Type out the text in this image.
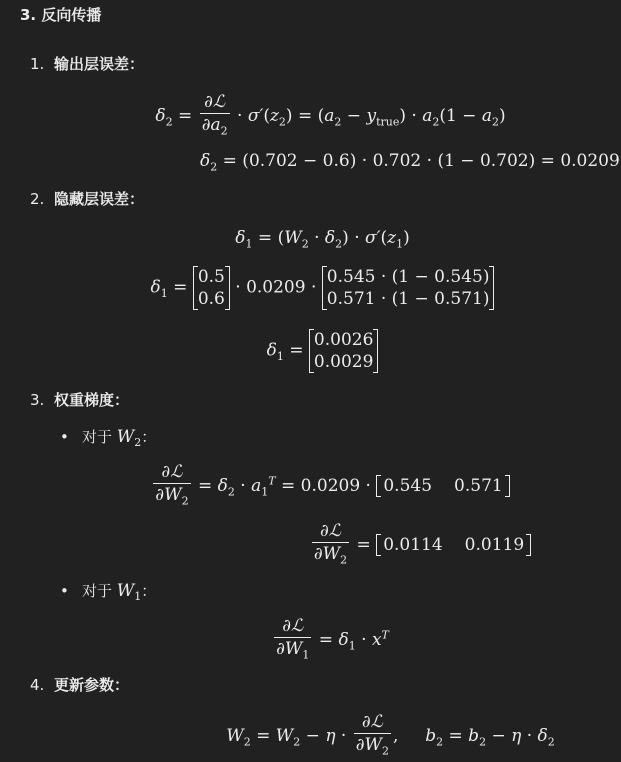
3. 反向传播
1. 输出层误差：
$\delta_2 = \frac{\text{∂ℒ}}{\partial a_2} \cdot \sigma'(z_2) = (a_2 - y_{true}) \cdot a_2(1 - a_2)$
$\delta_2 = (0.702 - 0.6) \cdot 0.702 \cdot (1 - 0.702) = 0.0209$
2. 隐藏层误差：
$\delta_1 = (W_2 \cdot \delta_2) \cdot \sigma'(z_1)$
$\delta_1$ =
0.5
0.6
· 0.0209 ·
0.545 · (1 − 0.545)
0.571 · (1 − 0.571)
$\delta_1$ =
0.0026
0.0029
3. 权重梯度：
• 对于 $W_2$：
$\frac{\text{∂ℒ}}{\partial W_2} = \delta_2 \cdot a_1^T = 0.0209 \cdot 0.545$ 0.571
$\frac{\text{∂ℒ}}{\partial W_2} = 0.0114$ 0.0119
• 对于 $W_1$：
$\frac{\text{∂ℒ}}{\partial W_1} = \delta_1 \cdot x^T$
4. 更新参数：
$W_2 = W_2 - \eta \cdot \frac{\text{∂ℒ}}{\partial W_2}$ ,  $b_2 = b_2 - \eta \cdot \delta_2$
